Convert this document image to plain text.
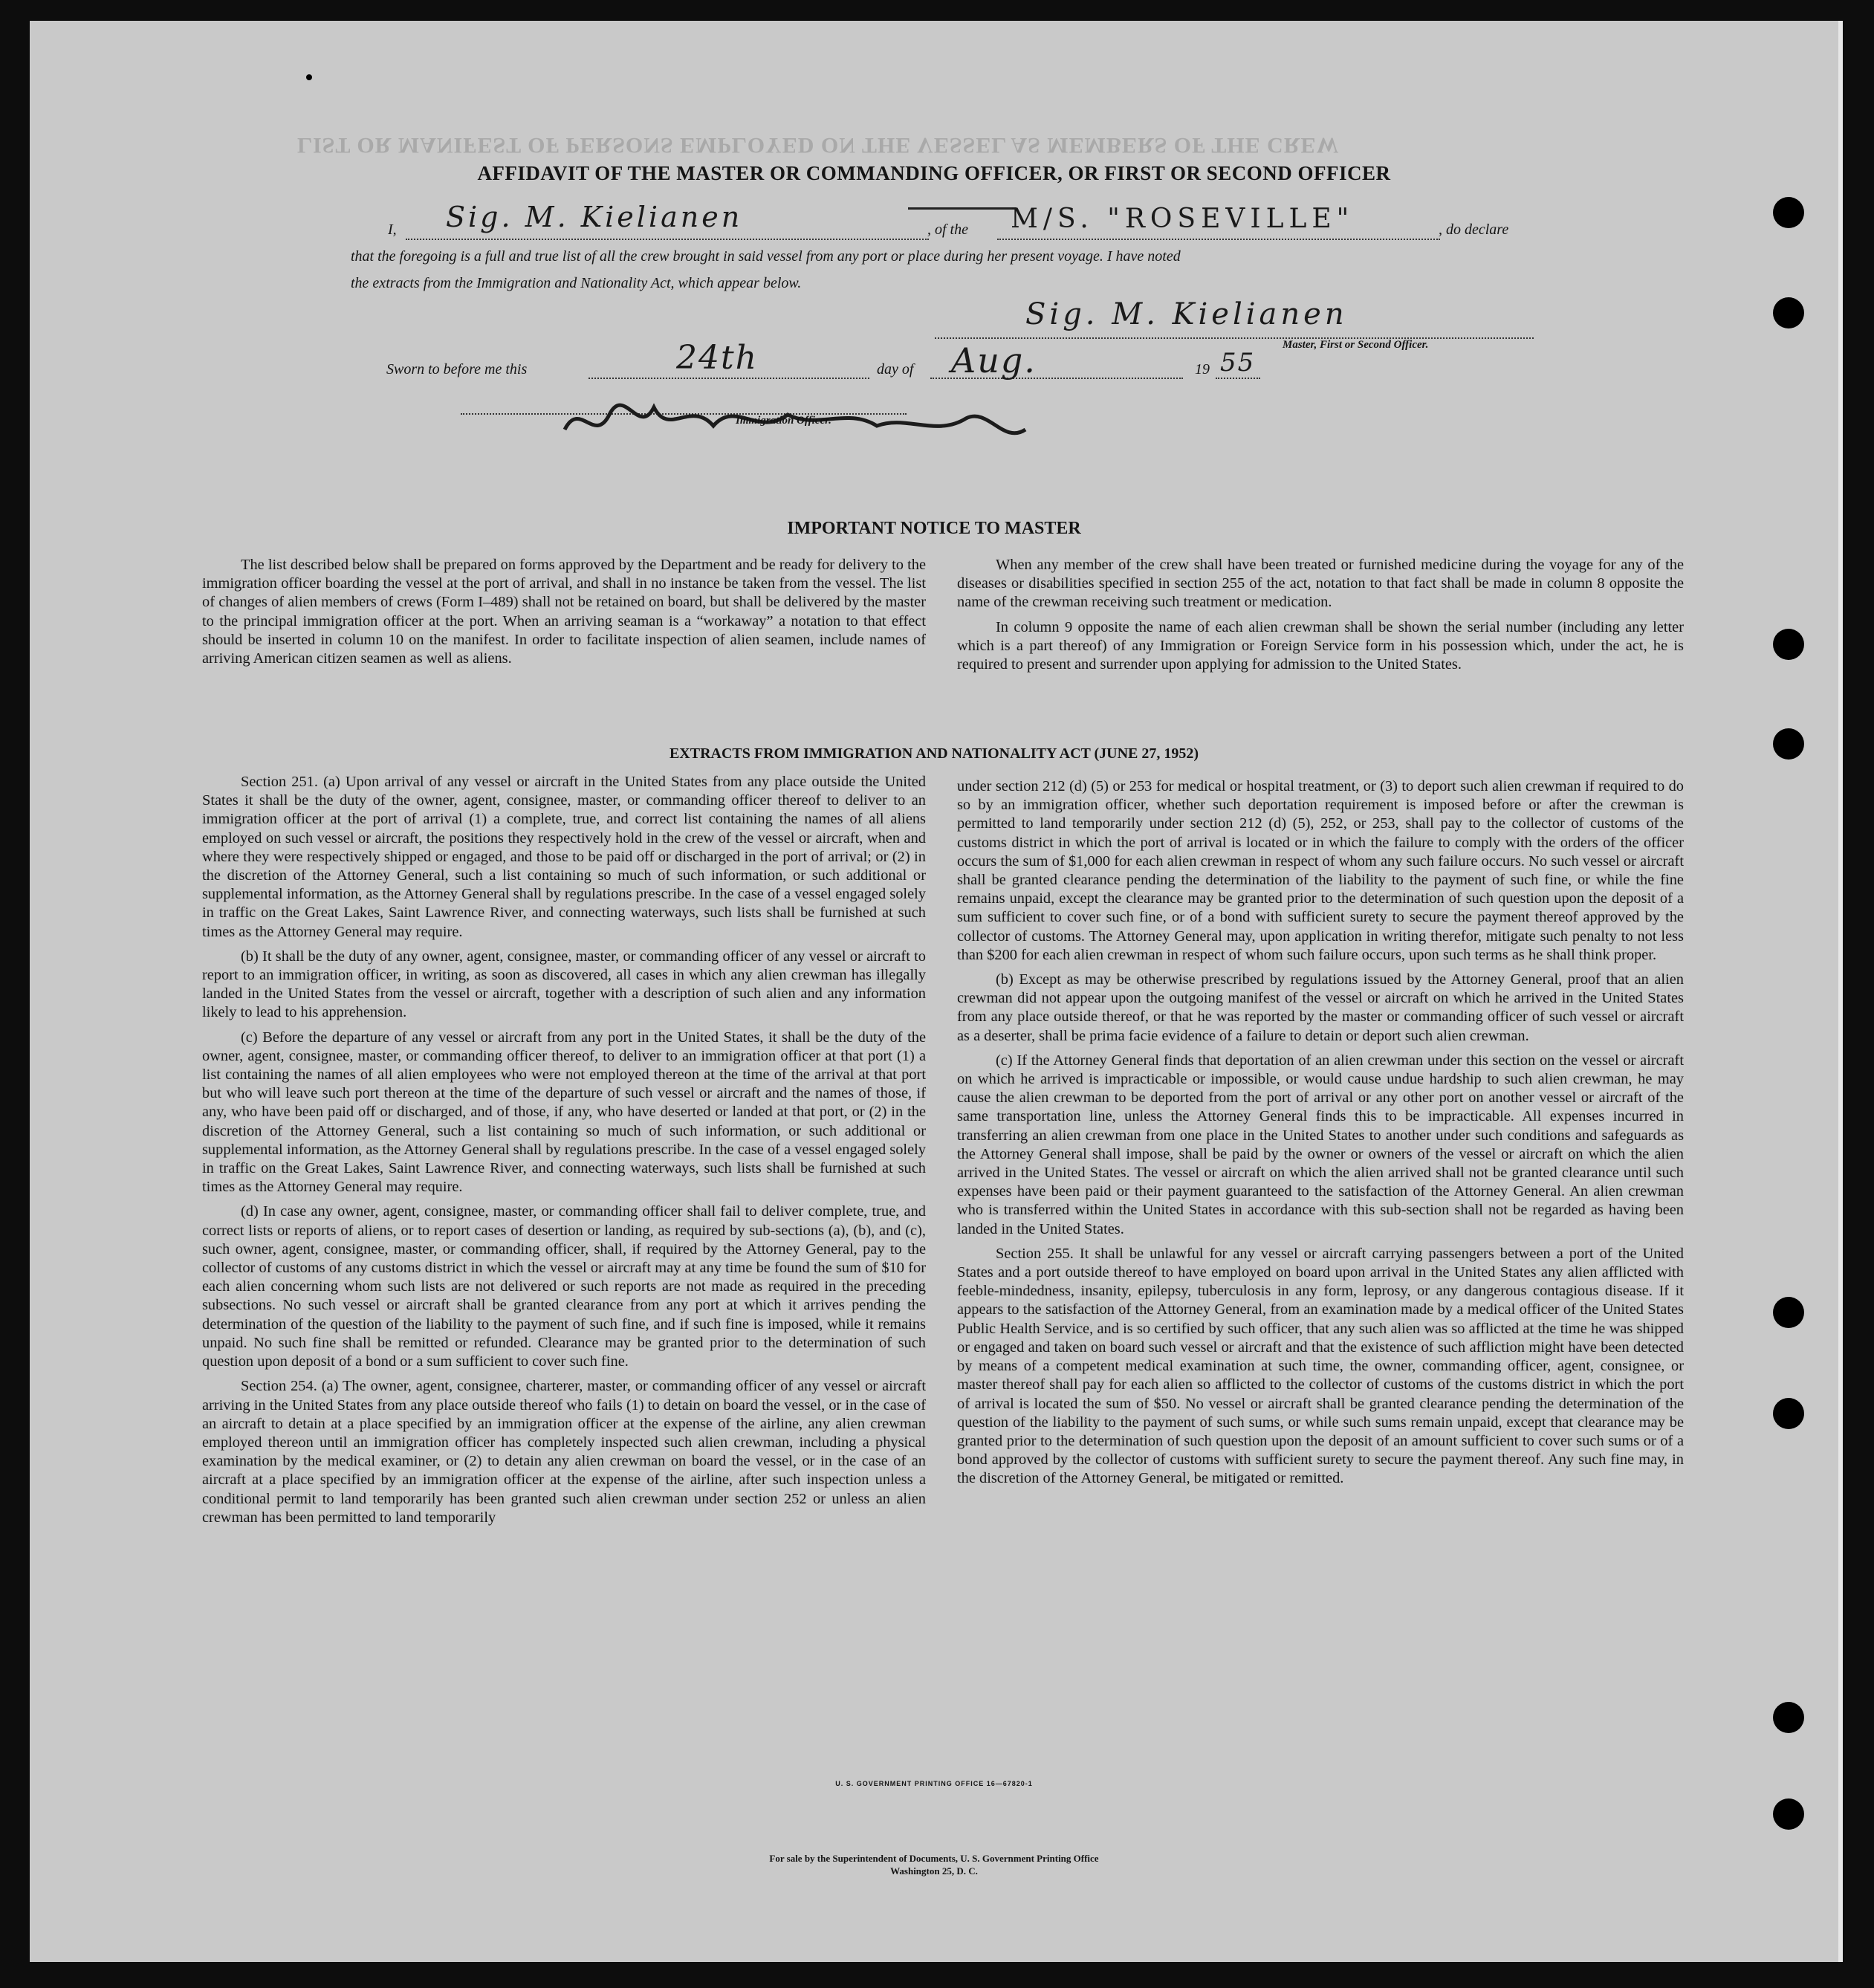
LIST OR MANIFEST OF PERSONS EMPLOYED ON THE VESSEL AS MEMBERS OF THE CREW
AFFIDAVIT OF THE MASTER OR COMMANDING OFFICER, OR FIRST OR SECOND OFFICER
I, Sig. M. Kielianen	, of the M/S. "ROSEVILLE"	, do declare
that the foregoing is a full and true list of all the crew brought in said vessel from any port or place during her present voyage. I have noted
the extracts from the Immigration and Nationality Act, which appear below.
Sig. M. Kielianen
Master, First or Second Officer.
Sworn to before me this	24th	day of Aug.	19 55
Immigration Officer.
IMPORTANT NOTICE TO MASTER

The list described below shall be prepared on forms approved by the Department and be ready for delivery to the immigration officer boarding the vessel at the port of arrival, and shall in no instance be taken from the vessel. The list of changes of alien members of crews (Form I–489) shall not be retained on board, but shall be delivered by the master to the principal immigration officer at the port. When an arriving seaman is a “workaway” a notation to that effect should be inserted in column 10 on the manifest. In order to facilitate inspection of alien seamen, include names of arriving American citizen seamen as well as aliens.

When any member of the crew shall have been treated or furnished medicine during the voyage for any of the diseases or disabilities specified in section 255 of the act, notation to that fact shall be made in column 8 opposite the name of the crewman receiving such treatment or medication.

In column 9 opposite the name of each alien crewman shall be shown the serial number (including any letter which is a part thereof) of any Immigration or Foreign Service form in his possession which, under the act, he is required to present and surrender upon applying for admission to the United States.

EXTRACTS FROM IMMIGRATION AND NATIONALITY ACT (JUNE 27, 1952)

Section 251. (a) Upon arrival of any vessel or aircraft in the United States from any place outside the United States it shall be the duty of the owner, agent, consignee, master, or commanding officer thereof to deliver to an immigration officer at the port of arrival (1) a complete, true, and correct list containing the names of all aliens employed on such vessel or aircraft, the positions they respectively hold in the crew of the vessel or aircraft, when and where they were respectively shipped or engaged, and those to be paid off or discharged in the port of arrival; or (2) in the discretion of the Attorney General, such a list containing so much of such information, or such additional or supplemental information, as the Attorney General shall by regulations prescribe. In the case of a vessel engaged solely in traffic on the Great Lakes, Saint Lawrence River, and connecting waterways, such lists shall be furnished at such times as the Attorney General may require.

(b) It shall be the duty of any owner, agent, consignee, master, or commanding officer of any vessel or aircraft to report to an immigration officer, in writing, as soon as discovered, all cases in which any alien crewman has illegally landed in the United States from the vessel or aircraft, together with a description of such alien and any information likely to lead to his apprehension.

(c) Before the departure of any vessel or aircraft from any port in the United States, it shall be the duty of the owner, agent, consignee, master, or commanding officer thereof, to deliver to an immigration officer at that port (1) a list containing the names of all alien employees who were not employed thereon at the time of the arrival at that port but who will leave such port thereon at the time of the departure of such vessel or aircraft and the names of those, if any, who have been paid off or discharged, and of those, if any, who have deserted or landed at that port, or (2) in the discretion of the Attorney General, such a list containing so much of such information, or such additional or supplemental information, as the Attorney General shall by regulations prescribe. In the case of a vessel engaged solely in traffic on the Great Lakes, Saint Lawrence River, and connecting waterways, such lists shall be furnished at such times as the Attorney General may require.

(d) In case any owner, agent, consignee, master, or commanding officer shall fail to deliver complete, true, and correct lists or reports of aliens, or to report cases of desertion or landing, as required by sub-sections (a), (b), and (c), such owner, agent, consignee, master, or commanding officer, shall, if required by the Attorney General, pay to the collector of customs of any customs district in which the vessel or aircraft may at any time be found the sum of $10 for each alien concerning whom such lists are not delivered or such reports are not made as required in the preceding subsections. No such vessel or aircraft shall be granted clearance from any port at which it arrives pending the determination of the question of the liability to the payment of such fine, and if such fine is imposed, while it remains unpaid. No such fine shall be remitted or refunded. Clearance may be granted prior to the determination of such question upon deposit of a bond or a sum sufficient to cover such fine.

Section 254. (a) The owner, agent, consignee, charterer, master, or commanding officer of any vessel or aircraft arriving in the United States from any place outside thereof who fails (1) to detain on board the vessel, or in the case of an aircraft to detain at a place specified by an immigration officer at the expense of the airline, any alien crewman employed thereon until an immigration officer has completely inspected such alien crewman, including a physical examination by the medical examiner, or (2) to detain any alien crewman on board the vessel, or in the case of an aircraft at a place specified by an immigration officer at the expense of the airline, after such inspection unless a conditional permit to land temporarily has been granted such alien crewman under section 252 or unless an alien crewman has been permitted to land temporarily

under section 212 (d) (5) or 253 for medical or hospital treatment, or (3) to deport such alien crewman if required to do so by an immigration officer, whether such deportation requirement is imposed before or after the crewman is permitted to land temporarily under section 212 (d) (5), 252, or 253, shall pay to the collector of customs of the customs district in which the port of arrival is located or in which the failure to comply with the orders of the officer occurs the sum of $1,000 for each alien crewman in respect of whom any such failure occurs. No such vessel or aircraft shall be granted clearance pending the determination of the liability to the payment of such fine, or while the fine remains unpaid, except the clearance may be granted prior to the determination of such question upon the deposit of a sum sufficient to cover such fine, or of a bond with sufficient surety to secure the payment thereof approved by the collector of customs. The Attorney General may, upon application in writing therefor, mitigate such penalty to not less than $200 for each alien crewman in respect of whom such failure occurs, upon such terms as he shall think proper.

(b) Except as may be otherwise prescribed by regulations issued by the Attorney General, proof that an alien crewman did not appear upon the outgoing manifest of the vessel or aircraft on which he arrived in the United States from any place outside thereof, or that he was reported by the master or commanding officer of such vessel or aircraft as a deserter, shall be prima facie evidence of a failure to detain or deport such alien crewman.

(c) If the Attorney General finds that deportation of an alien crewman under this section on the vessel or aircraft on which he arrived is impracticable or impossible, or would cause undue hardship to such alien crewman, he may cause the alien crewman to be deported from the port of arrival or any other port on another vessel or aircraft of the same transportation line, unless the Attorney General finds this to be impracticable. All expenses incurred in transferring an alien crewman from one place in the United States to another under such conditions and safeguards as the Attorney General shall impose, shall be paid by the owner or owners of the vessel or aircraft on which the alien arrived in the United States. The vessel or aircraft on which the alien arrived shall not be granted clearance until such expenses have been paid or their payment guaranteed to the satisfaction of the Attorney General. An alien crewman who is transferred within the United States in accordance with this sub-section shall not be regarded as having been landed in the United States.

Section 255. It shall be unlawful for any vessel or aircraft carrying passengers between a port of the United States and a port outside thereof to have employed on board upon arrival in the United States any alien afflicted with feeble-mindedness, insanity, epilepsy, tuberculosis in any form, leprosy, or any dangerous contagious disease. If it appears to the satisfaction of the Attorney General, from an examination made by a medical officer of the United States Public Health Service, and is so certified by such officer, that any such alien was so afflicted at the time he was shipped or engaged and taken on board such vessel or aircraft and that the existence of such affliction might have been detected by means of a competent medical examination at such time, the owner, commanding officer, agent, consignee, or master thereof shall pay for each alien so afflicted to the collector of customs of the customs district in which the port of arrival is located the sum of $50. No vessel or aircraft shall be granted clearance pending the determination of the question of the liability to the payment of such sums, or while such sums remain unpaid, except that clearance may be granted prior to the determination of such question upon the deposit of an amount sufficient to cover such sums or of a bond approved by the collector of customs with sufficient surety to secure the payment thereof. Any such fine may, in the discretion of the Attorney General, be mitigated or remitted.

U. S. GOVERNMENT PRINTING OFFICE 16—67820-1
For sale by the Superintendent of Documents, U. S. Government Printing Office
Washington 25, D. C.
